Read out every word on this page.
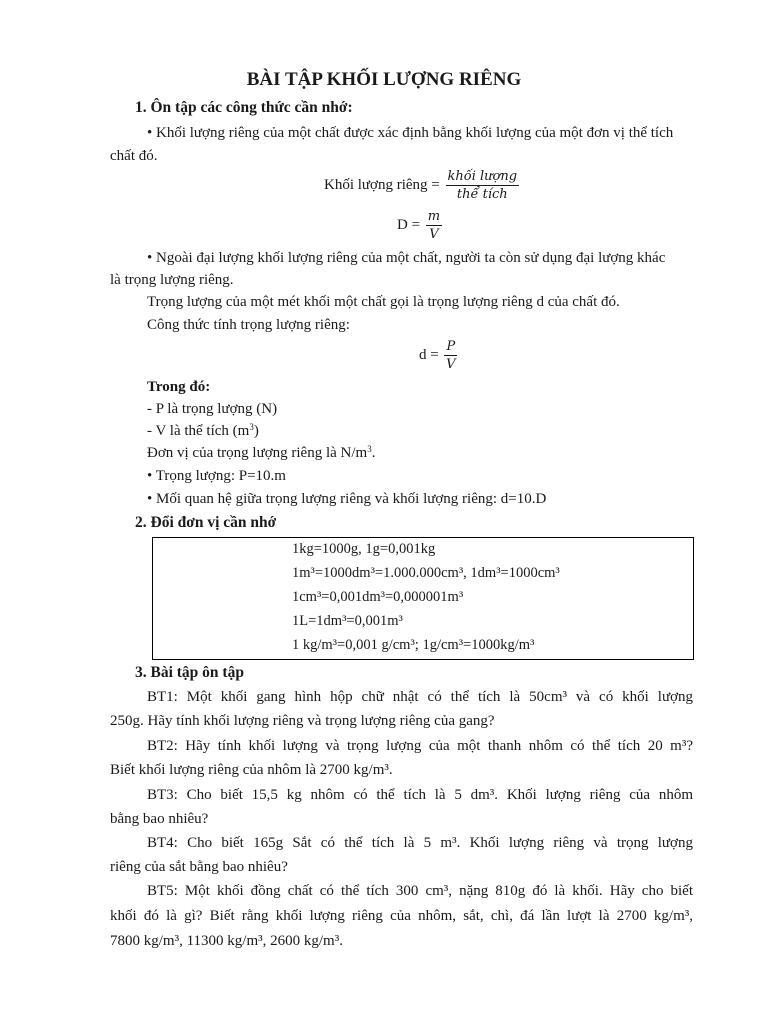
BÀI TẬP KHỐI LƯỢNG RIÊNG
1. Ôn tập các công thức cần nhớ:
• Khối lượng riêng của một chất được xác định bằng khối lượng của một đơn vị thể tích
chất đó.
Khối lượng riêng = $\frac{\text{khối lượng}}{\text{thể tích}}$
$D = \frac{m}{V}$
• Ngoài đại lượng khối lượng riêng của một chất, người ta còn sử dụng đại lượng khác
là trọng lượng riêng.
Trọng lượng của một mét khối một chất gọi là trọng lượng riêng d của chất đó.
Công thức tính trọng lượng riêng:
$d = \frac{P}{V}$
Trong đó:
- P là trọng lượng (N)
- V là thể tích $(m^3)$
Đơn vị của trọng lượng riêng là $N/m^3$.
• Trọng lượng: P=10.m
• Mối quan hệ giữa trọng lượng riêng và khối lượng riêng: d=10.D
2. Đổi đơn vị cần nhớ
1kg=1000g, 1g=0,001kg
1m³=1000dm³=1.000.000cm³, 1dm³=1000cm³
1cm³=0,001dm³=0,000001m³
1L=1dm³=0,001m³
1 kg/m³=0,001 g/cm³; 1g/cm³=1000kg/m³
3. Bài tập ôn tập
BT1: Một khối gang hình hộp chữ nhật có thể tích là 50cm³ và có khối lượng
250g. Hãy tính khối lượng riêng và trọng lượng riêng của gang?
BT2: Hãy tính khối lượng và trọng lượng của một thanh nhôm có thể tích 20 m³?
Biết khối lượng riêng của nhôm là 2700 kg/m³.
BT3: Cho biết 15,5 kg nhôm có thể tích là 5 dm³. Khối lượng riêng của nhôm
bằng bao nhiêu?
BT4: Cho biết 165g Sắt có thể tích là 5 m³. Khối lượng riêng và trọng lượng
riêng của sắt bằng bao nhiêu?
BT5: Một khối đồng chất có thể tích 300 cm³, nặng 810g đó là khối. Hãy cho biết
khối đó là gì? Biết rằng khối lượng riêng của nhôm, sắt, chì, đá lần lượt là 2700 kg/m³,
7800 kg/m³, 11300 kg/m³, 2600 kg/m³.
